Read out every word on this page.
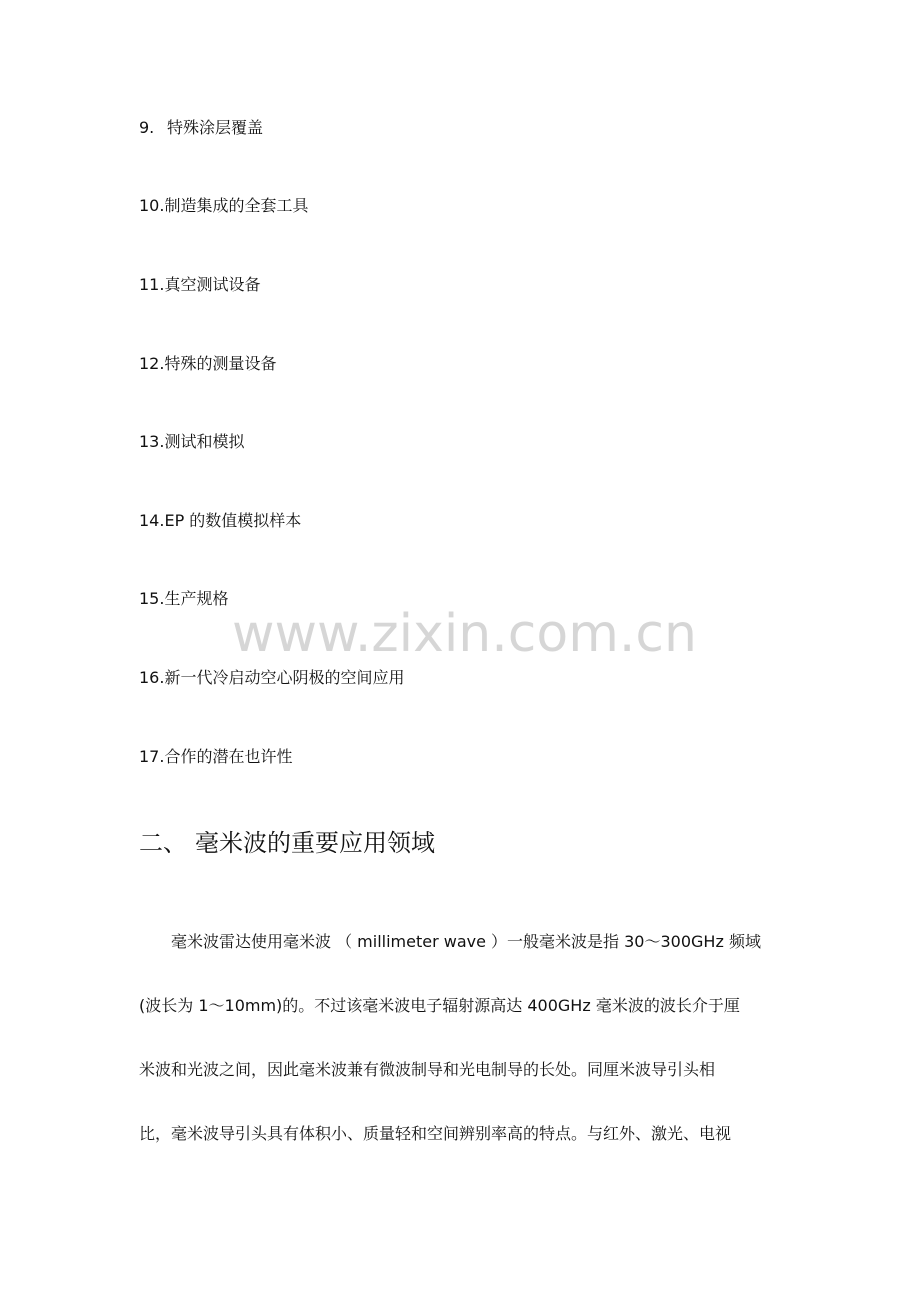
9. 特殊涂层覆盖
10.制造集成的全套工具
11.真空测试设备
12.特殊的测量设备
13.测试和模拟
14.EP 的数值模拟样本
15.生产规格
16.新一代冷启动空心阴极的空间应用
17.合作的潜在也许性
二、 毫米波的重要应用领域
毫米波雷达使用毫米波 （ millimeter wave ）一般毫米波是指 30～300GHz 频域
(波长为 1～10mm)的。不过该毫米波电子辐射源高达 400GHz 毫米波的波长介于厘
米波和光波之间，因此毫米波兼有微波制导和光电制导的长处。同厘米波导引头相
比，毫米波导引头具有体积小、质量轻和空间辨别率高的特点。与红外、激光、电视
www.zixin.com.cn
